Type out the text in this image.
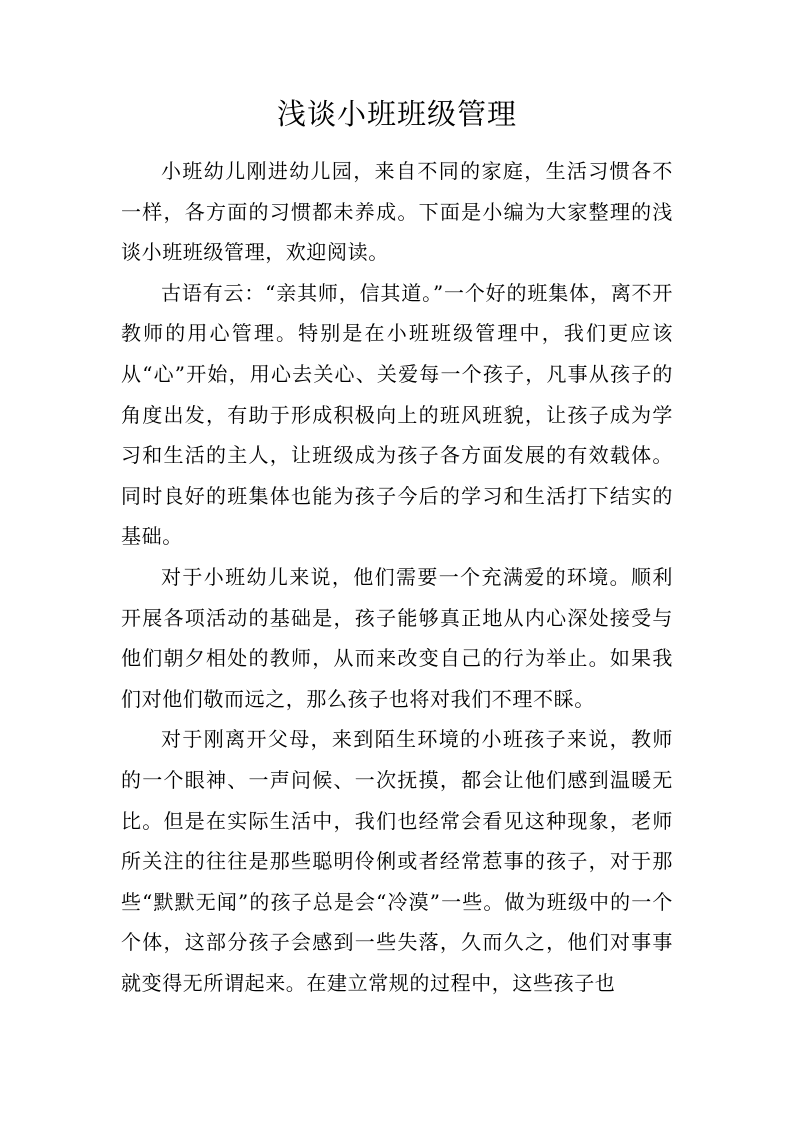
浅谈小班班级管理

小班幼儿刚进幼儿园，来自不同的家庭，生活习惯各不一样，各方面的习惯都未养成。下面是小编为大家整理的浅谈小班班级管理，欢迎阅读。

古语有云：“亲其师，信其道。”一个好的班集体，离不开教师的用心管理。特别是在小班班级管理中，我们更应该从“心”开始，用心去关心、关爱每一个孩子，凡事从孩子的角度出发，有助于形成积极向上的班风班貌，让孩子成为学习和生活的主人，让班级成为孩子各方面发展的有效载体。同时良好的班集体也能为孩子今后的学习和生活打下结实的基础。

对于小班幼儿来说，他们需要一个充满爱的环境。顺利开展各项活动的基础是，孩子能够真正地从内心深处接受与他们朝夕相处的教师，从而来改变自己的行为举止。如果我们对他们敬而远之，那么孩子也将对我们不理不睬。

对于刚离开父母，来到陌生环境的小班孩子来说，教师的一个眼神、一声问候、一次抚摸，都会让他们感到温暖无比。但是在实际生活中，我们也经常会看见这种现象，老师所关注的往往是那些聪明伶俐或者经常惹事的孩子，对于那些“默默无闻”的孩子总是会“冷漠”一些。做为班级中的一个个体，这部分孩子会感到一些失落，久而久之，他们对事事就变得无所谓起来。在建立常规的过程中，这些孩子也
